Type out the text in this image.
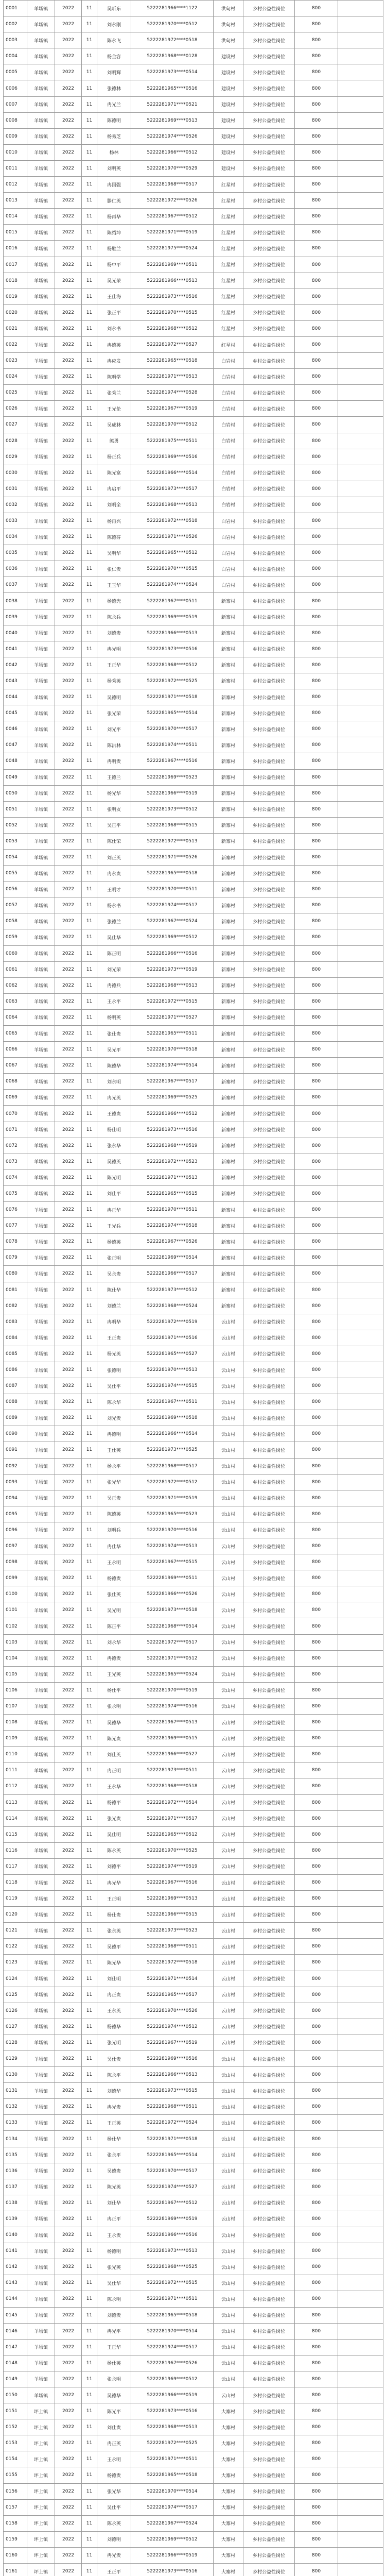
0001	羊场镇	2022	11	吴昕东	5222281966****1122	洪甸村	乡村公益性岗位	800	
0002	羊场镇	2022	11	刘永刚	5222281970****0512	洪甸村	乡村公益性岗位	800	
0003	羊场镇	2022	11	陈永飞	5222281972****0518	洪甸村	乡村公益性岗位	800	
0004	羊场镇	2022	11	杨金容	5222281968****0128	建设村	乡村公益性岗位	800	
0005	羊场镇	2022	11	刘明辉	5222281973****0514	建设村	乡村公益性岗位	800	
0006	羊场镇	2022	11	张德林	5222281965****0516	建设村	乡村公益性岗位	800	
0007	羊场镇	2022	11	冉光兰	5222281971****0521	建设村	乡村公益性岗位	800	
0008	羊场镇	2022	11	陈德明	5222281969****0513	建设村	乡村公益性岗位	800	
0009	羊场镇	2022	11	杨秀芝	5222281974****0526	建设村	乡村公益性岗位	800	
0010	羊场镇	2022	11	杨林	5222281966****0512	建设村	乡村公益性岗位	800	
0011	羊场镇	2022	11	刘明英	5222281970****0529	建设村	乡村公益性岗位	800	
0012	羊场镇	2022	11	冉国强	5222281968****0517	红星村	乡村公益性岗位	800	
0013	羊场镇	2022	11	滕仁英	5222281972****0526	红星村	乡村公益性岗位	800	
0014	羊场镇	2022	11	杨再华	5222281967****0512	红星村	乡村公益性岗位	800	
0015	羊场镇	2022	11	陈绍坤	5222281971****0519	红星村	乡村公益性岗位	800	
0016	羊场镇	2022	11	杨胜兰	5222281975****0524	红星村	乡村公益性岗位	800	
0017	羊场镇	2022	11	杨中平	5222281969****0511	红星村	乡村公益性岗位	800	
0018	羊场镇	2022	11	吴光荣	5222281966****0513	红星村	乡村公益性岗位	800	
0019	羊场镇	2022	11	王仕海	5222281973****0516	红星村	乡村公益性岗位	800	
0020	羊场镇	2022	11	张正平	5222281970****0515	红星村	乡村公益性岗位	800	
0021	羊场镇	2022	11	刘永书	5222281968****0512	红星村	乡村公益性岗位	800	
0022	羊场镇	2022	11	冉德英	5222281972****0527	红星村	乡村公益性岗位	800	
0023	羊场镇	2022	11	冉应发	5222281965****0518	白岩村	乡村公益性岗位	800	
0024	羊场镇	2022	11	陈明学	5222281971****0513	白岩村	乡村公益性岗位	800	
0025	羊场镇	2022	11	张秀兰	5222281974****0528	白岩村	乡村公益性岗位	800	
0026	羊场镇	2022	11	王光伦	5222281967****0519	白岩村	乡村公益性岗位	800	
0027	羊场镇	2022	11	吴成林	5222281970****0512	白岩村	乡村公益性岗位	800	
0028	羊场镇	2022	11	熊勇	5222281975****0511	白岩村	乡村公益性岗位	800	
0029	羊场镇	2022	11	杨正兵	5222281969****0516	白岩村	乡村公益性岗位	800	
0030	羊场镇	2022	11	陈光富	5222281966****0514	白岩村	乡村公益性岗位	800	
0031	羊场镇	2022	11	冉启平	5222281973****0517	白岩村	乡村公益性岗位	800	
0032	羊场镇	2022	11	刘明全	5222281968****0513	白岩村	乡村公益性岗位	800	
0033	羊场镇	2022	11	杨再兴	5222281972****0518	白岩村	乡村公益性岗位	800	
0034	羊场镇	2022	11	陈德芬	5222281971****0526	白岩村	乡村公益性岗位	800	
0035	羊场镇	2022	11	吴明华	5222281965****0512	白岩村	乡村公益性岗位	800	
0036	羊场镇	2022	11	张仁贵	5222281970****0515	白岩村	乡村公益性岗位	800	
0037	羊场镇	2022	11	王玉华	5222281974****0524	白岩村	乡村公益性岗位	800	
0038	羊场镇	2022	11	杨德光	5222281967****0511	新寨村	乡村公益性岗位	800	
0039	羊场镇	2022	11	陈永兵	5222281969****0519	新寨村	乡村公益性岗位	800	
0040	羊场镇	2022	11	刘德贵	5222281966****0513	新寨村	乡村公益性岗位	800	
0041	羊场镇	2022	11	冉光明	5222281973****0516	新寨村	乡村公益性岗位	800	
0042	羊场镇	2022	11	王正华	5222281968****0512	新寨村	乡村公益性岗位	800	
0043	羊场镇	2022	11	杨秀英	5222281972****0525	新寨村	乡村公益性岗位	800	
0044	羊场镇	2022	11	吴德明	5222281971****0518	新寨村	乡村公益性岗位	800	
0045	羊场镇	2022	11	张光荣	5222281965****0514	新寨村	乡村公益性岗位	800	
0046	羊场镇	2022	11	刘光平	5222281970****0517	新寨村	乡村公益性岗位	800	
0047	羊场镇	2022	11	陈洪林	5222281974****0511	新寨村	乡村公益性岗位	800	
0048	羊场镇	2022	11	冉明贵	5222281967****0516	新寨村	乡村公益性岗位	800	
0049	羊场镇	2022	11	王德兰	5222281969****0523	新寨村	乡村公益性岗位	800	
0050	羊场镇	2022	11	杨光华	5222281966****0519	新寨村	乡村公益性岗位	800	
0051	羊场镇	2022	11	张明友	5222281973****0512	新寨村	乡村公益性岗位	800	
0052	羊场镇	2022	11	吴正平	5222281968****0515	新寨村	乡村公益性岗位	800	
0053	羊场镇	2022	11	陈仕荣	5222281972****0513	新寨村	乡村公益性岗位	800	
0054	羊场镇	2022	11	刘正英	5222281971****0526	新寨村	乡村公益性岗位	800	
0055	羊场镇	2022	11	冉永贵	5222281965****0518	新寨村	乡村公益性岗位	800	
0056	羊场镇	2022	11	王明才	5222281970****0511	新寨村	乡村公益性岗位	800	
0057	羊场镇	2022	11	杨永书	5222281974****0517	新寨村	乡村公益性岗位	800	
0058	羊场镇	2022	11	张德兰	5222281967****0524	新寨村	乡村公益性岗位	800	
0059	羊场镇	2022	11	吴仕华	5222281969****0512	新寨村	乡村公益性岗位	800	
0060	羊场镇	2022	11	陈正明	5222281966****0516	新寨村	乡村公益性岗位	800	
0061	羊场镇	2022	11	刘光荣	5222281973****0519	新寨村	乡村公益性岗位	800	
0062	羊场镇	2022	11	冉德兵	5222281968****0513	新寨村	乡村公益性岗位	800	
0063	羊场镇	2022	11	王永平	5222281972****0515	新寨村	乡村公益性岗位	800	
0064	羊场镇	2022	11	杨明英	5222281971****0527	新寨村	乡村公益性岗位	800	
0065	羊场镇	2022	11	张仕贵	5222281965****0511	新寨村	乡村公益性岗位	800	
0066	羊场镇	2022	11	吴光平	5222281970****0518	新寨村	乡村公益性岗位	800	
0067	羊场镇	2022	11	陈德华	5222281974****0514	新寨村	乡村公益性岗位	800	
0068	羊场镇	2022	11	刘永明	5222281967****0517	新寨村	乡村公益性岗位	800	
0069	羊场镇	2022	11	冉光英	5222281969****0525	新寨村	乡村公益性岗位	800	
0070	羊场镇	2022	11	王德贵	5222281966****0512	新寨村	乡村公益性岗位	800	
0071	羊场镇	2022	11	杨仕明	5222281973****0516	新寨村	乡村公益性岗位	800	
0072	羊场镇	2022	11	张永华	5222281968****0519	新寨村	乡村公益性岗位	800	
0073	羊场镇	2022	11	吴德英	5222281972****0523	新寨村	乡村公益性岗位	800	
0074	羊场镇	2022	11	陈光明	5222281971****0513	新寨村	乡村公益性岗位	800	
0075	羊场镇	2022	11	刘仕平	5222281965****0515	新寨村	乡村公益性岗位	800	
0076	羊场镇	2022	11	冉正华	5222281970****0511	新寨村	乡村公益性岗位	800	
0077	羊场镇	2022	11	王光兵	5222281974****0518	新寨村	乡村公益性岗位	800	
0078	羊场镇	2022	11	杨德英	5222281967****0526	新寨村	乡村公益性岗位	800	
0079	羊场镇	2022	11	张正明	5222281969****0514	新寨村	乡村公益性岗位	800	
0080	羊场镇	2022	11	吴永贵	5222281966****0517	新寨村	乡村公益性岗位	800	
0081	羊场镇	2022	11	陈仕华	5222281973****0512	新寨村	乡村公益性岗位	800	
0082	羊场镇	2022	11	刘德兰	5222281968****0524	新寨村	乡村公益性岗位	800	
0083	羊场镇	2022	11	冉明华	5222281972****0519	云山村	乡村公益性岗位	800	
0084	羊场镇	2022	11	王正贵	5222281971****0516	云山村	乡村公益性岗位	800	
0085	羊场镇	2022	11	杨光英	5222281965****0527	云山村	乡村公益性岗位	800	
0086	羊场镇	2022	11	张德明	5222281970****0513	云山村	乡村公益性岗位	800	
0087	羊场镇	2022	11	吴仕平	5222281974****0515	云山村	乡村公益性岗位	800	
0088	羊场镇	2022	11	陈永华	5222281967****0511	云山村	乡村公益性岗位	800	
0089	羊场镇	2022	11	刘光贵	5222281969****0518	云山村	乡村公益性岗位	800	
0090	羊场镇	2022	11	冉德明	5222281966****0514	云山村	乡村公益性岗位	800	
0091	羊场镇	2022	11	王仕英	5222281973****0525	云山村	乡村公益性岗位	800	
0092	羊场镇	2022	11	杨永平	5222281968****0517	云山村	乡村公益性岗位	800	
0093	羊场镇	2022	11	张光华	5222281972****0512	云山村	乡村公益性岗位	800	
0094	羊场镇	2022	11	吴正贵	5222281971****0519	云山村	乡村公益性岗位	800	
0095	羊场镇	2022	11	陈德英	5222281965****0523	云山村	乡村公益性岗位	800	
0096	羊场镇	2022	11	刘明兵	5222281970****0516	云山村	乡村公益性岗位	800	
0097	羊场镇	2022	11	冉仕华	5222281974****0513	云山村	乡村公益性岗位	800	
0098	羊场镇	2022	11	王永明	5222281967****0515	云山村	乡村公益性岗位	800	
0099	羊场镇	2022	11	杨德贵	5222281969****0511	云山村	乡村公益性岗位	800	
0100	羊场镇	2022	11	张仕英	5222281966****0526	云山村	乡村公益性岗位	800	
0101	羊场镇	2022	11	吴光明	5222281973****0518	云山村	乡村公益性岗位	800	
0102	羊场镇	2022	11	陈正平	5222281968****0514	云山村	乡村公益性岗位	800	
0103	羊场镇	2022	11	刘永华	5222281972****0517	云山村	乡村公益性岗位	800	
0104	羊场镇	2022	11	冉德贵	5222281971****0512	云山村	乡村公益性岗位	800	
0105	羊场镇	2022	11	王光英	5222281965****0524	云山村	乡村公益性岗位	800	
0106	羊场镇	2022	11	杨仕平	5222281970****0519	云山村	乡村公益性岗位	800	
0107	羊场镇	2022	11	张永明	5222281974****0516	云山村	乡村公益性岗位	800	
0108	羊场镇	2022	11	吴德华	5222281967****0513	云山村	乡村公益性岗位	800	
0109	羊场镇	2022	11	陈光贵	5222281969****0515	云山村	乡村公益性岗位	800	
0110	羊场镇	2022	11	刘仕英	5222281966****0527	云山村	乡村公益性岗位	800	
0111	羊场镇	2022	11	冉正明	5222281973****0511	云山村	乡村公益性岗位	800	
0112	羊场镇	2022	11	王永华	5222281968****0518	云山村	乡村公益性岗位	800	
0113	羊场镇	2022	11	杨德平	5222281972****0514	云山村	乡村公益性岗位	800	
0114	羊场镇	2022	11	张光贵	5222281971****0517	云山村	乡村公益性岗位	800	
0115	羊场镇	2022	11	吴仕明	5222281965****0512	云山村	乡村公益性岗位	800	
0116	羊场镇	2022	11	陈永英	5222281970****0525	云山村	乡村公益性岗位	800	
0117	羊场镇	2022	11	刘德平	5222281974****0519	云山村	乡村公益性岗位	800	
0118	羊场镇	2022	11	冉光华	5222281967****0516	云山村	乡村公益性岗位	800	
0119	羊场镇	2022	11	王正明	5222281969****0513	云山村	乡村公益性岗位	800	
0120	羊场镇	2022	11	杨仕贵	5222281966****0515	云山村	乡村公益性岗位	800	
0121	羊场镇	2022	11	张永英	5222281973****0523	云山村	乡村公益性岗位	800	
0122	羊场镇	2022	11	吴德平	5222281968****0511	云山村	乡村公益性岗位	800	
0123	羊场镇	2022	11	陈光华	5222281972****0518	云山村	乡村公益性岗位	800	
0124	羊场镇	2022	11	刘仕明	5222281971****0514	云山村	乡村公益性岗位	800	
0125	羊场镇	2022	11	冉正贵	5222281965****0517	云山村	乡村公益性岗位	800	
0126	羊场镇	2022	11	王永英	5222281970****0526	云山村	乡村公益性岗位	800	
0127	羊场镇	2022	11	杨德华	5222281974****0512	云山村	乡村公益性岗位	800	
0128	羊场镇	2022	11	张光明	5222281967****0519	云山村	乡村公益性岗位	800	
0129	羊场镇	2022	11	吴仕贵	5222281969****0516	云山村	乡村公益性岗位	800	
0130	羊场镇	2022	11	陈永平	5222281966****0513	云山村	乡村公益性岗位	800	
0131	羊场镇	2022	11	刘德华	5222281973****0515	云山村	乡村公益性岗位	800	
0132	羊场镇	2022	11	冉光贵	5222281968****0511	云山村	乡村公益性岗位	800	
0133	羊场镇	2022	11	王正英	5222281972****0524	云山村	乡村公益性岗位	800	
0134	羊场镇	2022	11	杨仕华	5222281971****0518	云山村	乡村公益性岗位	800	
0135	羊场镇	2022	11	张永平	5222281965****0514	云山村	乡村公益性岗位	800	
0136	羊场镇	2022	11	吴德贵	5222281970****0517	云山村	乡村公益性岗位	800	
0137	羊场镇	2022	11	陈光英	5222281974****0527	云山村	乡村公益性岗位	800	
0138	羊场镇	2022	11	刘仕华	5222281967****0512	云山村	乡村公益性岗位	800	
0139	羊场镇	2022	11	冉正平	5222281969****0519	云山村	乡村公益性岗位	800	
0140	羊场镇	2022	11	王永贵	5222281966****0516	云山村	乡村公益性岗位	800	
0141	羊场镇	2022	11	杨德明	5222281973****0513	云山村	乡村公益性岗位	800	
0142	羊场镇	2022	11	张光英	5222281968****0525	云山村	乡村公益性岗位	800	
0143	羊场镇	2022	11	吴仕华	5222281972****0515	云山村	乡村公益性岗位	800	
0144	羊场镇	2022	11	陈永明	5222281971****0511	云山村	乡村公益性岗位	800	
0145	羊场镇	2022	11	刘德贵	5222281965****0518	云山村	乡村公益性岗位	800	
0146	羊场镇	2022	11	冉光平	5222281970****0514	云山村	乡村公益性岗位	800	
0147	羊场镇	2022	11	王正华	5222281974****0517	云山村	乡村公益性岗位	800	
0148	羊场镇	2022	11	杨仕英	5222281967****0526	云山村	乡村公益性岗位	800	
0149	羊场镇	2022	11	张永明	5222281969****0512	云山村	乡村公益性岗位	800	
0150	羊场镇	2022	11	吴德华	5222281966****0519	云山村	乡村公益性岗位	800	
0151	坪上镇	2022	11	陈光平	5222281973****0516	大寨村	乡村公益性岗位	800	
0152	坪上镇	2022	11	刘仕贵	5222281968****0513	大寨村	乡村公益性岗位	800	
0153	坪上镇	2022	11	冉正英	5222281972****0525	大寨村	乡村公益性岗位	800	
0154	坪上镇	2022	11	王永明	5222281971****0511	大寨村	乡村公益性岗位	800	
0155	坪上镇	2022	11	杨德贵	5222281965****0518	大寨村	乡村公益性岗位	800	
0156	坪上镇	2022	11	张光华	5222281970****0514	大寨村	乡村公益性岗位	800	
0157	坪上镇	2022	11	吴仕平	5222281974****0517	大寨村	乡村公益性岗位	800	
0158	坪上镇	2022	11	陈永英	5222281967****0524	大寨村	乡村公益性岗位	800	
0159	坪上镇	2022	11	刘德明	5222281969****0512	大寨村	乡村公益性岗位	800	
0160	坪上镇	2022	11	冉光贵	5222281966****0519	大寨村	乡村公益性岗位	800	
0161	坪上镇	2022	11	王正平	5222281973****0516	大寨村	乡村公益性岗位	800	
